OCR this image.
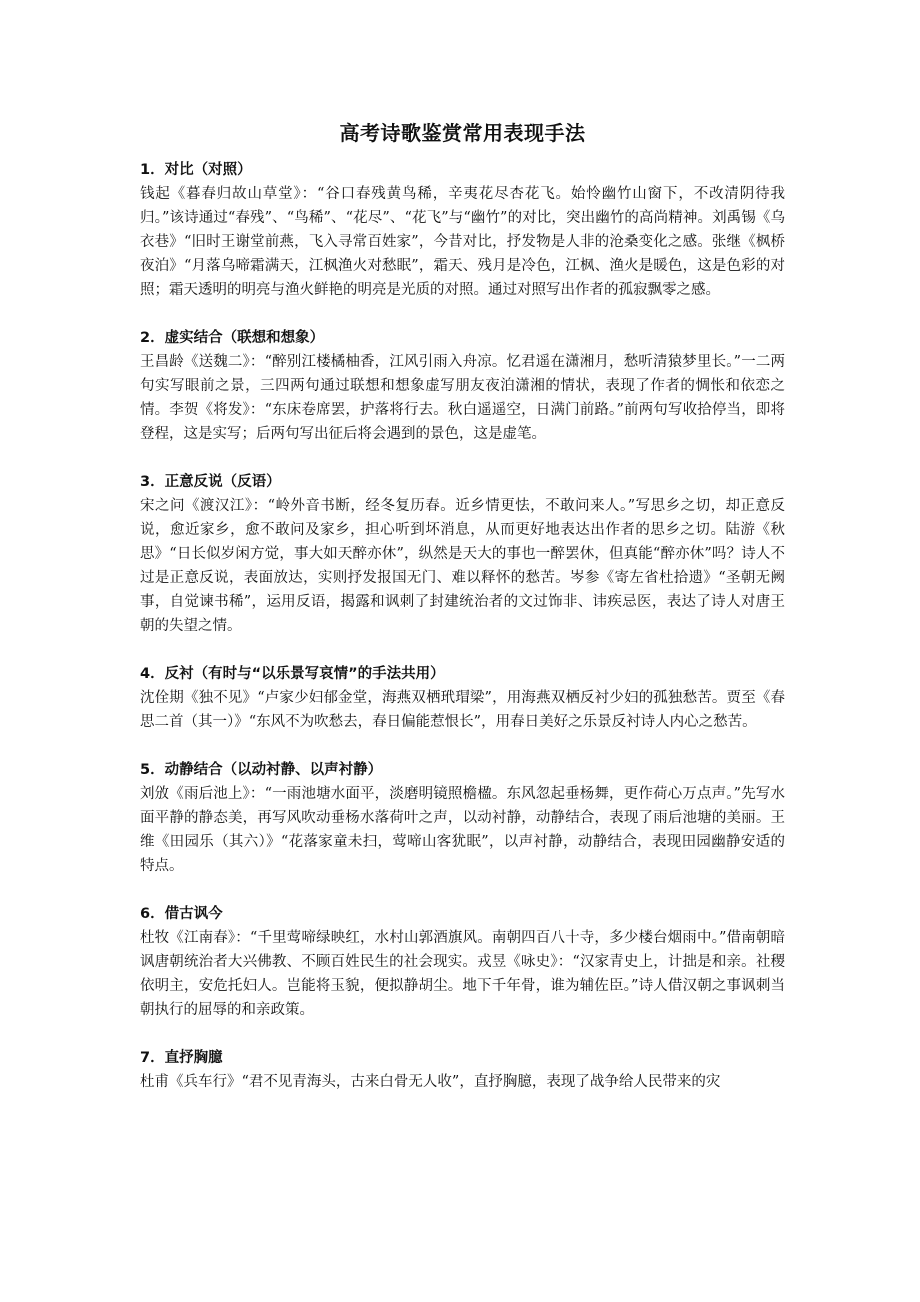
高考诗歌鉴赏常用表现手法

1．对比（对照）

钱起《暮春归故山草堂》：“谷口春残黄鸟稀，辛夷花尽杏花飞。始怜幽竹山窗下，不改清阴待我归。”该诗通过“春残”、“鸟稀”、“花尽”、“花飞”与“幽竹”的对比，突出幽竹的高尚精神。刘禹锡《乌衣巷》“旧时王谢堂前燕，飞入寻常百姓家”，今昔对比，抒发物是人非的沧桑变化之感。张继《枫桥夜泊》“月落乌啼霜满天，江枫渔火对愁眠”，霜天、残月是冷色，江枫、渔火是暖色，这是色彩的对照；霜天透明的明亮与渔火鲜艳的明亮是光质的对照。通过对照写出作者的孤寂飘零之感。

2．虚实结合（联想和想象）

王昌龄《送魏二》：“醉别江楼橘柚香，江风引雨入舟凉。忆君遥在潇湘月，愁听清猿梦里长。”一二两句实写眼前之景，三四两句通过联想和想象虚写朋友夜泊潇湘的情状，表现了作者的惆怅和依恋之情。李贺《将发》：“东床卷席罢，护落将行去。秋白遥遥空，日满门前路。”前两句写收拾停当，即将登程，这是实写；后两句写出征后将会遇到的景色，这是虚笔。

3．正意反说（反语）

宋之问《渡汉江》：“岭外音书断，经冬复历春。近乡情更怯，不敢问来人。”写思乡之切，却正意反说，愈近家乡，愈不敢问及家乡，担心听到坏消息，从而更好地表达出作者的思乡之切。陆游《秋思》“日长似岁闲方觉，事大如天醉亦休”，纵然是天大的事也一醉罢休，但真能“醉亦休”吗？诗人不过是正意反说，表面放达，实则抒发报国无门、难以释怀的愁苦。岑参《寄左省杜拾遗》“圣朝无阙事，自觉谏书稀”，运用反语，揭露和讽刺了封建统治者的文过饰非、讳疾忌医，表达了诗人对唐王朝的失望之情。

4．反衬（有时与“以乐景写哀情”的手法共用）

沈佺期《独不见》“卢家少妇郁金堂，海燕双栖玳瑁梁”，用海燕双栖反衬少妇的孤独愁苦。贾至《春思二首（其一）》“东风不为吹愁去，春日偏能惹恨长”，用春日美好之乐景反衬诗人内心之愁苦。

5．动静结合（以动衬静、以声衬静）

刘攽《雨后池上》：“一雨池塘水面平，淡磨明镜照檐楹。东风忽起垂杨舞，更作荷心万点声。”先写水面平静的静态美，再写风吹动垂杨水落荷叶之声，以动衬静，动静结合，表现了雨后池塘的美丽。王维《田园乐（其六）》“花落家童未扫，莺啼山客犹眠”，以声衬静，动静结合，表现田园幽静安适的特点。

6．借古讽今

杜牧《江南春》：“千里莺啼绿映红，水村山郭酒旗风。南朝四百八十寺，多少楼台烟雨中。”借南朝暗讽唐朝统治者大兴佛教、不顾百姓民生的社会现实。戎昱《咏史》：“汉家青史上，计拙是和亲。社稷依明主，安危托妇人。岂能将玉貌，便拟静胡尘。地下千年骨，谁为辅佐臣。”诗人借汉朝之事讽刺当朝执行的屈辱的和亲政策。

7．直抒胸臆

杜甫《兵车行》“君不见青海头，古来白骨无人收”，直抒胸臆，表现了战争给人民带来的灾
